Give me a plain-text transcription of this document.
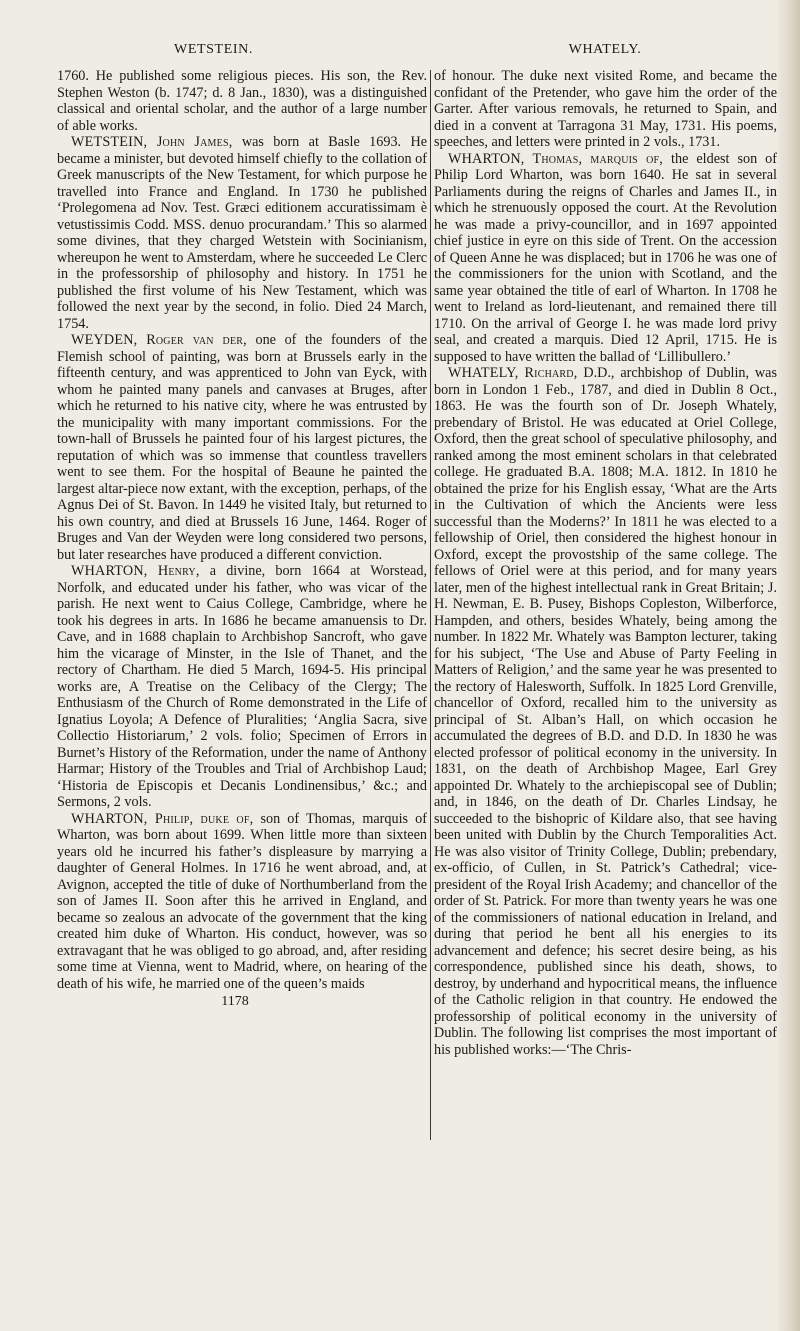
WETSTEIN.	WHATELY.

1760. He published some religious pieces. His son, the Rev. Stephen Weston (b. 1747; d. 8 Jan., 1830), was a distinguished classical and oriental scholar, and the author of a large number of able works.

WETSTEIN, John James, was born at Basle 1693. He became a minister, but devoted himself chiefly to the collation of Greek manuscripts of the New Testament, for which purpose he travelled into France and England. In 1730 he published ‘Prolegomena ad Nov. Test. Græci editionem accuratissimam è vetustissimis Codd. MSS. denuo procurandam.’ This so alarmed some divines, that they charged Wetstein with Socinianism, whereupon he went to Amsterdam, where he succeeded Le Clerc in the professorship of philosophy and history. In 1751 he published the first volume of his New Testament, which was followed the next year by the second, in folio. Died 24 March, 1754.

WEYDEN, Roger van der, one of the founders of the Flemish school of painting, was born at Brussels early in the fifteenth century, and was apprenticed to John van Eyck, with whom he painted many panels and canvases at Bruges, after which he returned to his native city, where he was entrusted by the municipality with many important commissions. For the town-hall of Brussels he painted four of his largest pictures, the reputation of which was so immense that countless travellers went to see them. For the hospital of Beaune he painted the largest altar-piece now extant, with the exception, perhaps, of the Agnus Dei of St. Bavon. In 1449 he visited Italy, but returned to his own country, and died at Brussels 16 June, 1464. Roger of Bruges and Van der Weyden were long considered two persons, but later researches have produced a different conviction.

WHARTON, Henry, a divine, born 1664 at Worstead, Norfolk, and educated under his father, who was vicar of the parish. He next went to Caius College, Cambridge, where he took his degrees in arts. In 1686 he became amanuensis to Dr. Cave, and in 1688 chaplain to Archbishop Sancroft, who gave him the vicarage of Minster, in the Isle of Thanet, and the rectory of Chartham. He died 5 March, 1694-5. His principal works are, A Treatise on the Celibacy of the Clergy; The Enthusiasm of the Church of Rome demonstrated in the Life of Ignatius Loyola; A Defence of Pluralities; ‘Anglia Sacra, sive Collectio Historiarum,’ 2 vols. folio; Specimen of Errors in Burnet’s History of the Reformation, under the name of Anthony Harmar; History of the Troubles and Trial of Archbishop Laud; ‘Historia de Episcopis et Decanis Londinensibus,’ &c.; and Sermons, 2 vols.

WHARTON, Philip, duke of, son of Thomas, marquis of Wharton, was born about 1699. When little more than sixteen years old he incurred his father’s displeasure by marrying a daughter of General Holmes. In 1716 he went abroad, and, at Avignon, accepted the title of duke of Northumberland from the son of James II. Soon after this he arrived in England, and became so zealous an advocate of the government that the king created him duke of Wharton. His conduct, however, was so extravagant that he was obliged to go abroad, and, after residing some time at Vienna, went to Madrid, where, on hearing of the death of his wife, he married one of the queen’s maids

1178

of honour. The duke next visited Rome, and became the confidant of the Pretender, who gave him the order of the Garter. After various removals, he returned to Spain, and died in a convent at Tarragona 31 May, 1731. His poems, speeches, and letters were printed in 2 vols., 1731.

WHARTON, Thomas, marquis of, the eldest son of Philip Lord Wharton, was born 1640. He sat in several Parliaments during the reigns of Charles and James II., in which he strenuously opposed the court. At the Revolution he was made a privy-councillor, and in 1697 appointed chief justice in eyre on this side of Trent. On the accession of Queen Anne he was displaced; but in 1706 he was one of the commissioners for the union with Scotland, and the same year obtained the title of earl of Wharton. In 1708 he went to Ireland as lord-lieutenant, and remained there till 1710. On the arrival of George I. he was made lord privy seal, and created a marquis. Died 12 April, 1715. He is supposed to have written the ballad of ‘Lillibullero.’

WHATELY, Richard, D.D., archbishop of Dublin, was born in London 1 Feb., 1787, and died in Dublin 8 Oct., 1863. He was the fourth son of Dr. Joseph Whately, prebendary of Bristol. He was educated at Oriel College, Oxford, then the great school of speculative philosophy, and ranked among the most eminent scholars in that celebrated college. He graduated B.A. 1808; M.A. 1812. In 1810 he obtained the prize for his English essay, ‘What are the Arts in the Cultivation of which the Ancients were less successful than the Moderns?’ In 1811 he was elected to a fellowship of Oriel, then considered the highest honour in Oxford, except the provostship of the same college. The fellows of Oriel were at this period, and for many years later, men of the highest intellectual rank in Great Britain; J. H. Newman, E. B. Pusey, Bishops Copleston, Wilberforce, Hampden, and others, besides Whately, being among the number. In 1822 Mr. Whately was Bampton lecturer, taking for his subject, ‘The Use and Abuse of Party Feeling in Matters of Religion,’ and the same year he was presented to the rectory of Halesworth, Suffolk. In 1825 Lord Grenville, chancellor of Oxford, recalled him to the university as principal of St. Alban’s Hall, on which occasion he accumulated the degrees of B.D. and D.D. In 1830 he was elected professor of political economy in the university. In 1831, on the death of Archbishop Magee, Earl Grey appointed Dr. Whately to the archiepiscopal see of Dublin; and, in 1846, on the death of Dr. Charles Lindsay, he succeeded to the bishopric of Kildare also, that see having been united with Dublin by the Church Temporalities Act. He was also visitor of Trinity College, Dublin; prebendary, ex-officio, of Cullen, in St. Patrick’s Cathedral; vice-president of the Royal Irish Academy; and chancellor of the order of St. Patrick. For more than twenty years he was one of the commissioners of national education in Ireland, and during that period he bent all his energies to its advancement and defence; his secret desire being, as his correspondence, published since his death, shows, to destroy, by underhand and hypocritical means, the influence of the Catholic religion in that country. He endowed the professorship of political economy in the university of Dublin. The following list comprises the most important of his published works:—‘The Chris-
